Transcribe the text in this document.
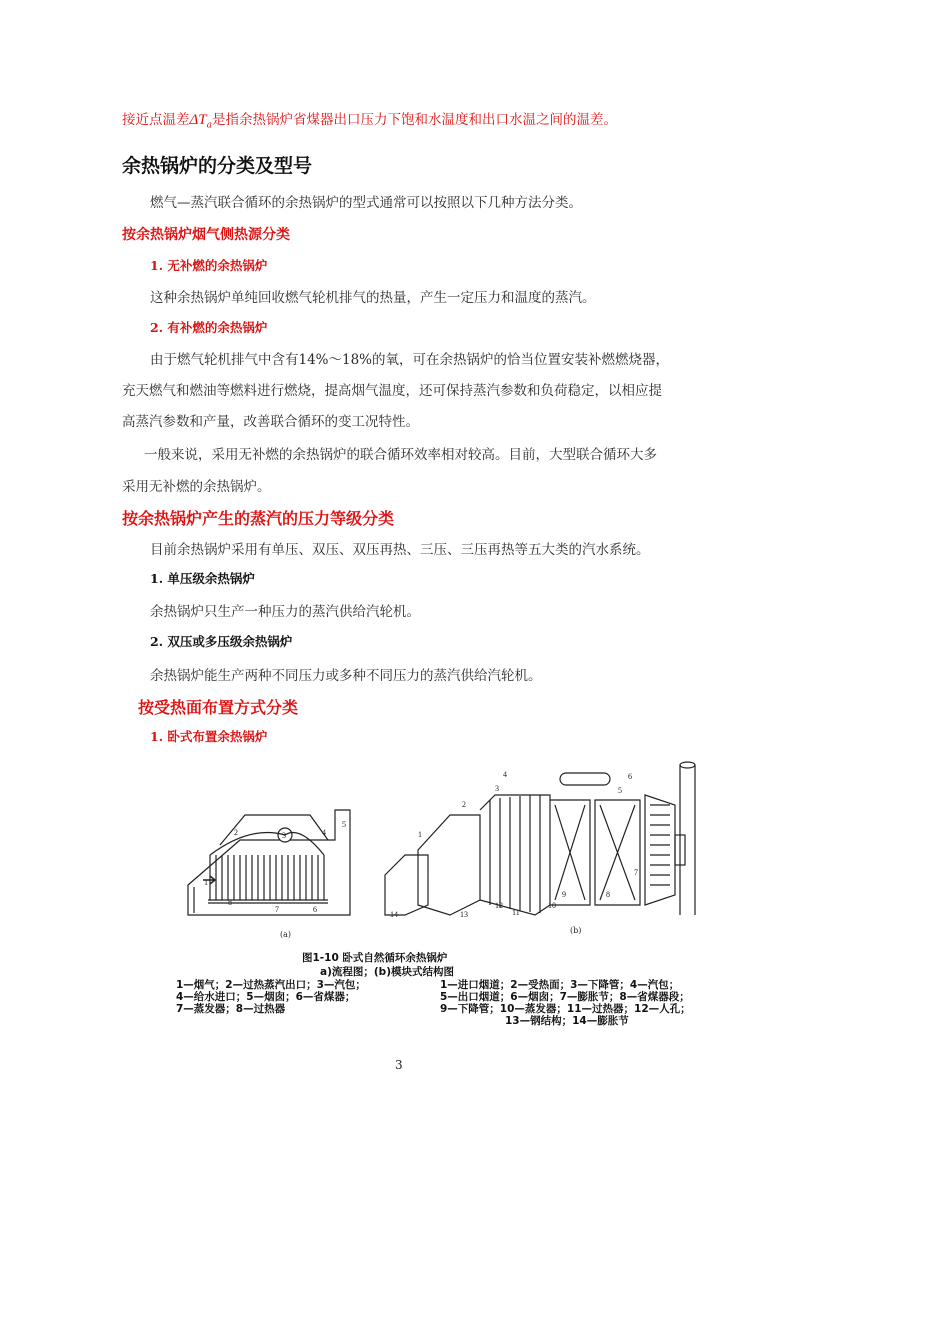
接近点温差$\Delta T_a$是指余热锅炉省煤器出口压力下饱和水温度和出口水温之间的温差。
余热锅炉的分类及型号
燃气—蒸汽联合循环的余热锅炉的型式通常可以按照以下几种方法分类。
按余热锅炉烟气侧热源分类
1. 无补燃的余热锅炉
这种余热锅炉单纯回收燃气轮机排气的热量，产生一定压力和温度的蒸汽。
2. 有补燃的余热锅炉
由于燃气轮机排气中含有14%～18%的氧，可在余热锅炉的恰当位置安装补燃燃烧器，
充天燃气和燃油等燃料进行燃烧，提高烟气温度，还可保持蒸汽参数和负荷稳定，以相应提
高蒸汽参数和产量，改善联合循环的变工况特性。
一般来说，采用无补燃的余热锅炉的联合循环效率相对较高。目前，大型联合循环大多
采用无补燃的余热锅炉。
按余热锅炉产生的蒸汽的压力等级分类
目前余热锅炉采用有单压、双压、双压再热、三压、三压再热等五大类的汽水系统。
1. 单压级余热锅炉
余热锅炉只生产一种压力的蒸汽供给汽轮机。
2. 双压或多压级余热锅炉
余热锅炉能生产两种不同压力或多种不同压力的蒸汽供给汽轮机。
按受热面布置方式分类
1. 卧式布置余热锅炉
1
2	3	4
5
6
7
8
1
2
3
4
5
6
7
8
9
10
11
12
13
14
(a)	(b)
图1-10 卧式自然循环余热锅炉
a)流程图；(b)模块式结构图
1—烟气；2—过热蒸汽出口；3—汽包；
4—给水进口；5—烟囱；6—省煤器；
7—蒸发器；8—过热器
1—进口烟道；2—受热面；3—下降管；4—汽包；
5—出口烟道；6—烟囱；7—膨胀节；8—省煤器段；
9—下降管；10—蒸发器；11—过热器；12—人孔；
13—钢结构；14—膨胀节
3
